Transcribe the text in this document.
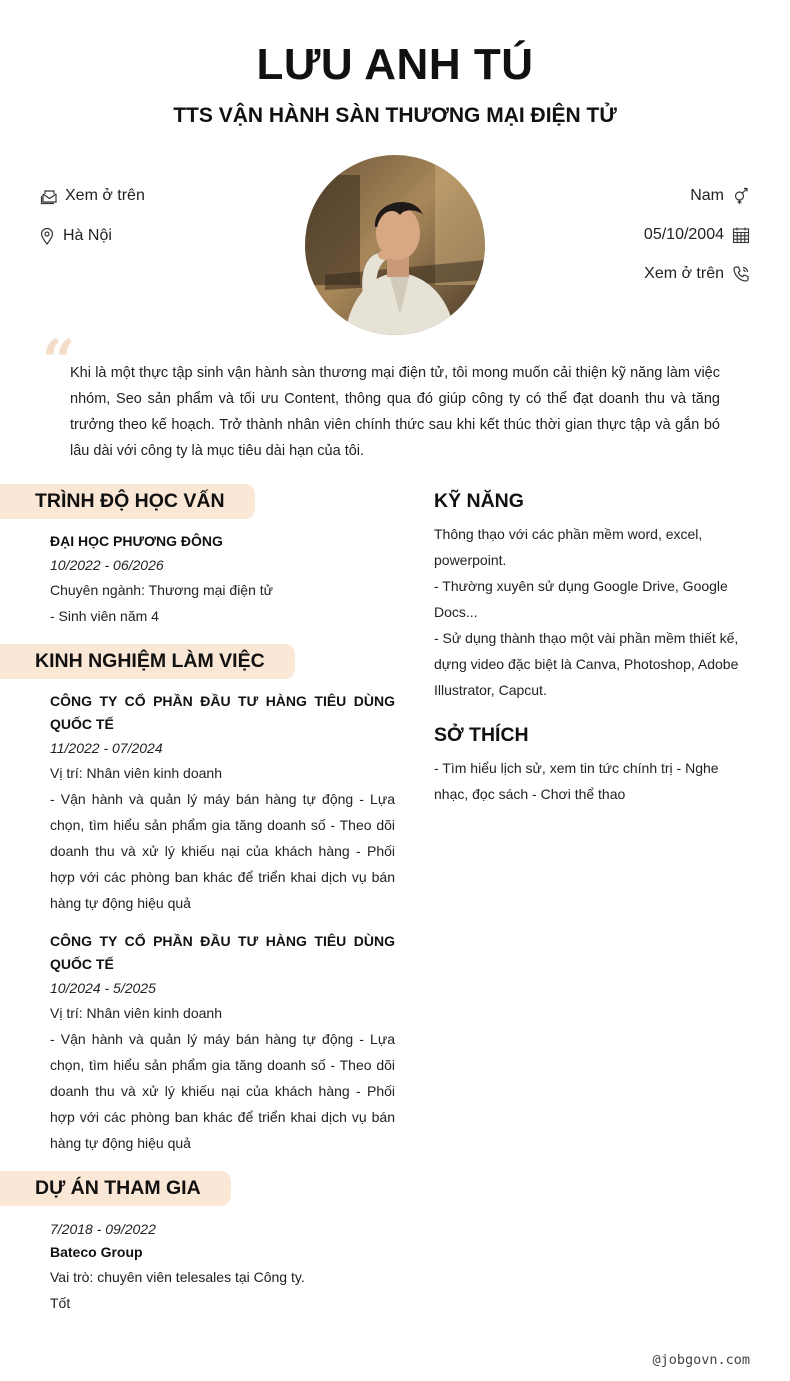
LƯU ANH TÚ
TTS VẬN HÀNH SÀN THƯƠNG MẠI ĐIỆN TỬ
Xem ở trên
Hà Nội
Nam
05/10/2004
Xem ở trên
“
Khi là một thực tập sinh vận hành sàn thương mại điện tử, tôi mong muốn cải thiện kỹ năng làm việc nhóm, Seo sản phẩm và tối ưu Content, thông qua đó giúp công ty có thể đạt doanh thu và tăng trưởng theo kế hoạch. Trở thành nhân viên chính thức sau khi kết thúc thời gian thực tập và gắn bó lâu dài với công ty là mục tiêu dài hạn của tôi.
TRÌNH ĐỘ HỌC VẤN
ĐẠI HỌC PHƯƠNG ĐÔNG
10/2022 - 06/2026
Chuyên ngành: Thương mại điện tử
- Sinh viên năm 4
KINH NGHIỆM LÀM VIỆC
CÔNG TY CỔ PHẦN ĐẦU TƯ HÀNG TIÊU DÙNG QUỐC TẾ
11/2022 - 07/2024
Vị trí: Nhân viên kinh doanh
- Vận hành và quản lý máy bán hàng tự động - Lựa chọn, tìm hiểu sản phẩm gia tăng doanh số - Theo dõi doanh thu và xử lý khiếu nại của khách hàng - Phối hợp với các phòng ban khác để triển khai dịch vụ bán hàng tự động hiệu quả
CÔNG TY CỔ PHẦN ĐẦU TƯ HÀNG TIÊU DÙNG QUỐC TẾ
10/2024 - 5/2025
Vị trí: Nhân viên kinh doanh
- Vận hành và quản lý máy bán hàng tự động - Lựa chọn, tìm hiểu sản phẩm gia tăng doanh số - Theo dõi doanh thu và xử lý khiếu nại của khách hàng - Phối hợp với các phòng ban khác để triển khai dịch vụ bán hàng tự động hiệu quả
DỰ ÁN THAM GIA
7/2018 - 09/2022
Bateco Group
Vai trò: chuyên viên telesales tại Công ty.
Tốt
KỸ NĂNG
Thông thạo với các phần mềm word, excel, powerpoint.
- Thường xuyên sử dụng Google Drive, Google Docs...
- Sử dụng thành thạo một vài phần mềm thiết kế, dựng video đặc biệt là Canva, Photoshop, Adobe Illustrator, Capcut.
SỞ THÍCH
- Tìm hiểu lịch sử, xem tin tức chính trị - Nghe nhạc, đọc sách - Chơi thể thao
@jobgovn.com
